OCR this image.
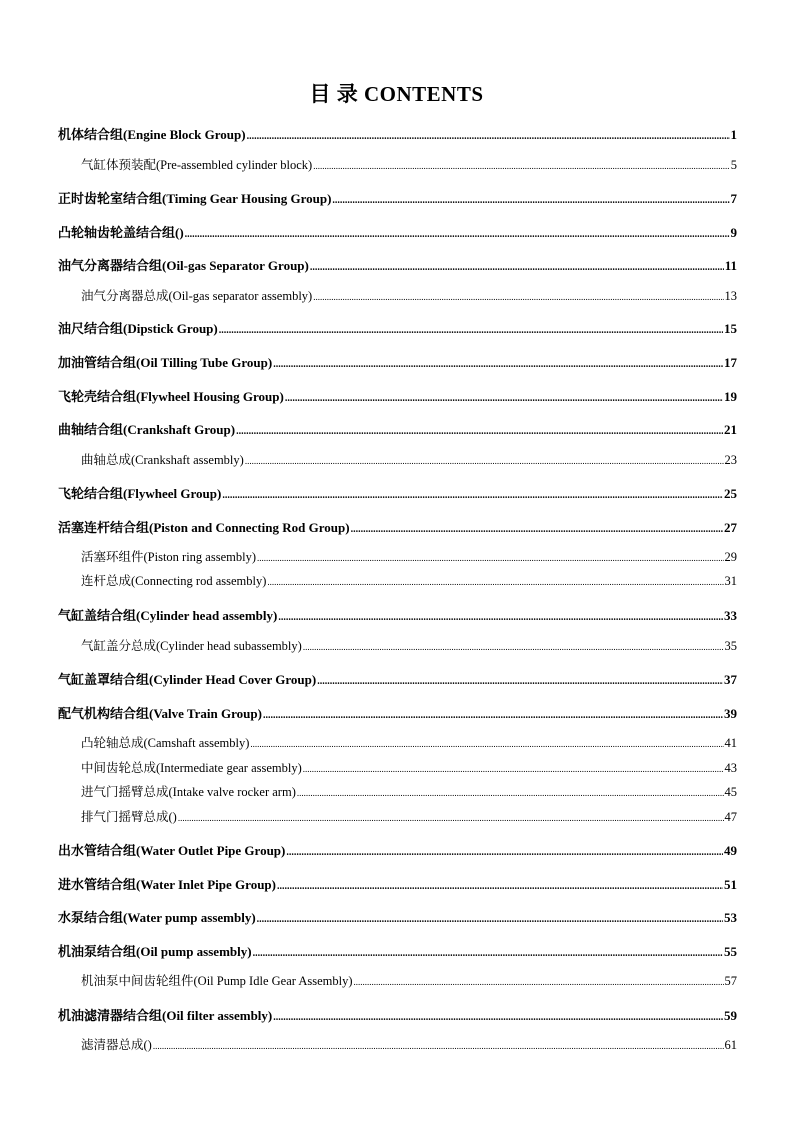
目 录 CONTENTS
机体结合组(Engine Block Group) .....	1
气缸体预装配(Pre-assembled cylinder block) .....	5
正时齿轮室结合组(Timing Gear Housing Group) .....	7
凸轮轴齿轮盖结合组() .....	9
油气分离器结合组(Oil-gas Separator Group) .....	11
油气分离器总成(Oil-gas separator assembly) .....	13
油尺结合组(Dipstick Group) .....	15
加油管结合组(Oil Tilling Tube Group) .....	17
飞轮壳结合组(Flywheel Housing Group) .....	19
曲轴结合组(Crankshaft Group) .....	21
曲轴总成(Crankshaft assembly) .....	23
飞轮结合组(Flywheel Group) .....	25
活塞连杆结合组(Piston and Connecting Rod Group) .....	27
活塞环组件(Piston ring assembly) .....	29
连杆总成(Connecting rod assembly) .....	31
气缸盖结合组(Cylinder head assembly) .....	33
气缸盖分总成(Cylinder head subassembly) .....	35
气缸盖罩结合组(Cylinder Head Cover Group) .....	37
配气机构结合组(Valve Train Group) .....	39
凸轮轴总成(Camshaft assembly) .....	41
中间齿轮总成(Intermediate gear assembly) .....	43
进气门摇臂总成(Intake valve rocker arm) .....	45
排气门摇臂总成() .....	47
出水管结合组(Water Outlet Pipe Group) .....	49
进水管结合组(Water Inlet Pipe Group) .....	51
水泵结合组(Water pump assembly) .....	53
机油泵结合组(Oil pump assembly) .....	55
机油泵中间齿轮组件(Oil Pump Idle Gear Assembly) .....	57
机油滤清器结合组(Oil filter assembly) .....	59
滤清器总成() .....	61
